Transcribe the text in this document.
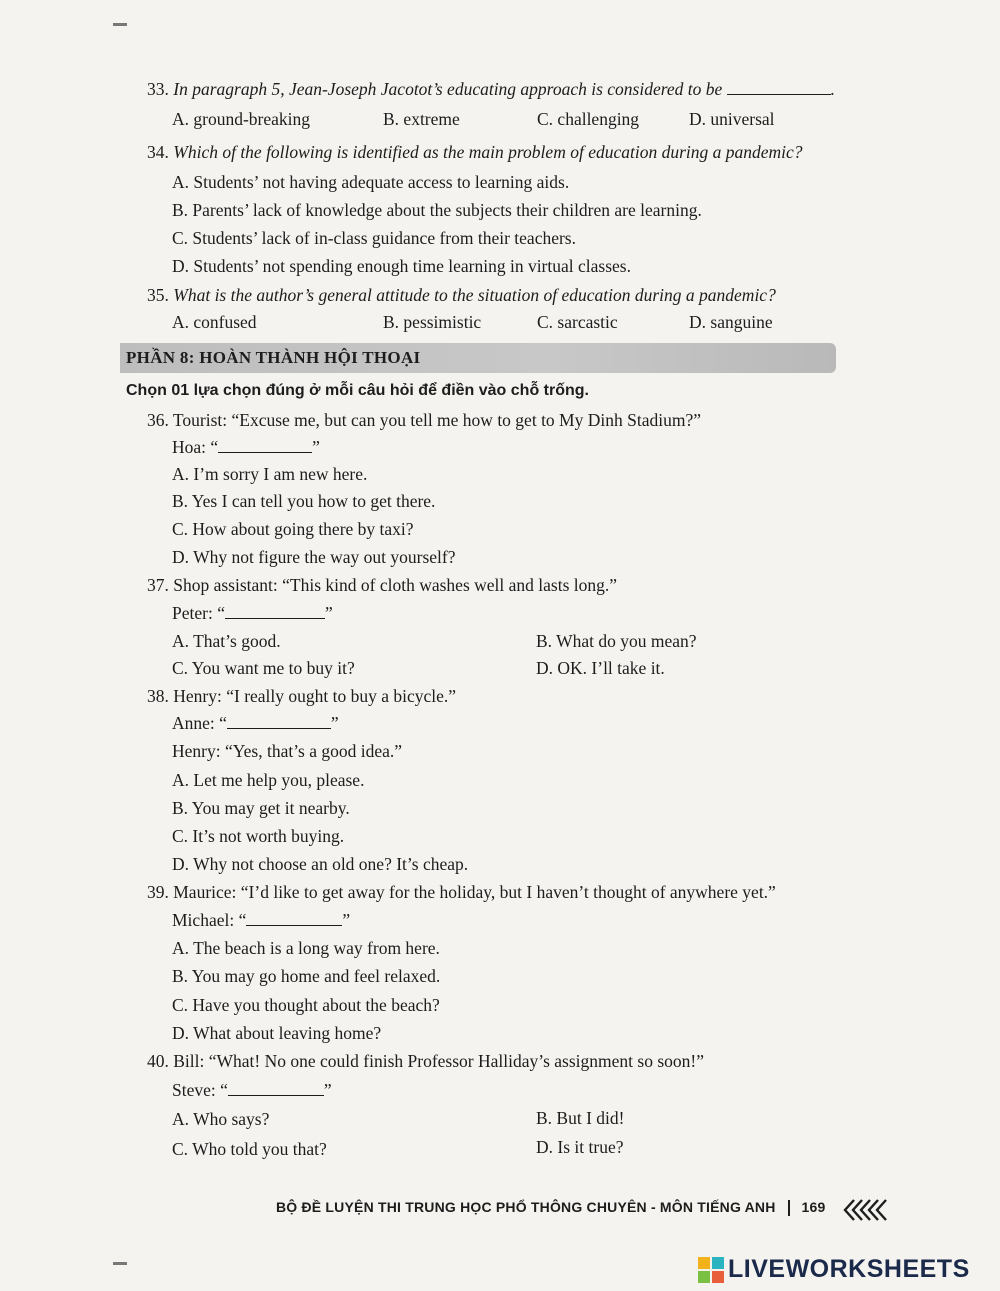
33. In paragraph 5, Jean-Joseph Jacotot’s educating approach is considered to be	.
A. ground-breaking	B. extreme	C. challenging	D. universal
34. Which of the following is identified as the main problem of education during a pandemic?
A. Students’ not having adequate access to learning aids.
B. Parents’ lack of knowledge about the subjects their children are learning.
C. Students’ lack of in-class guidance from their teachers.
D. Students’ not spending enough time learning in virtual classes.
35. What is the author’s general attitude to the situation of education during a pandemic?
A. confused	B. pessimistic	C. sarcastic	D. sanguine
PHẦN 8: HOÀN THÀNH HỘI THOẠI
Chọn 01 lựa chọn đúng ở mỗi câu hỏi để điền vào chỗ trống.
36. Tourist: “Excuse me, but can you tell me how to get to My Dinh Stadium?”
Hoa: “	”
A. I’m sorry I am new here.
B. Yes I can tell you how to get there.
C. How about going there by taxi?
D. Why not figure the way out yourself?
37. Shop assistant: “This kind of cloth washes well and lasts long.”
Peter: “	”
A. That’s good.	B. What do you mean?
C. You want me to buy it?	D. OK. I’ll take it.
38. Henry: “I really ought to buy a bicycle.”
Anne: “	”
Henry: “Yes, that’s a good idea.”
A. Let me help you, please.
B. You may get it nearby.
C. It’s not worth buying.
D. Why not choose an old one? It’s cheap.
39. Maurice: “I’d like to get away for the holiday, but I haven’t thought of anywhere yet.”
Michael: “	”
A. The beach is a long way from here.
B. You may go home and feel relaxed.
C. Have you thought about the beach?
D. What about leaving home?
40. Bill: “What! No one could finish Professor Halliday’s assignment so soon!”
Steve: “	”
A. Who says?	B. But I did!
C. Who told you that?	D. Is it true?
BỘ ĐỀ LUYỆN THI TRUNG HỌC PHỔ THÔNG CHUYÊN - MÔN TIẾNG ANH 169
LIVEWORKSHEETS
